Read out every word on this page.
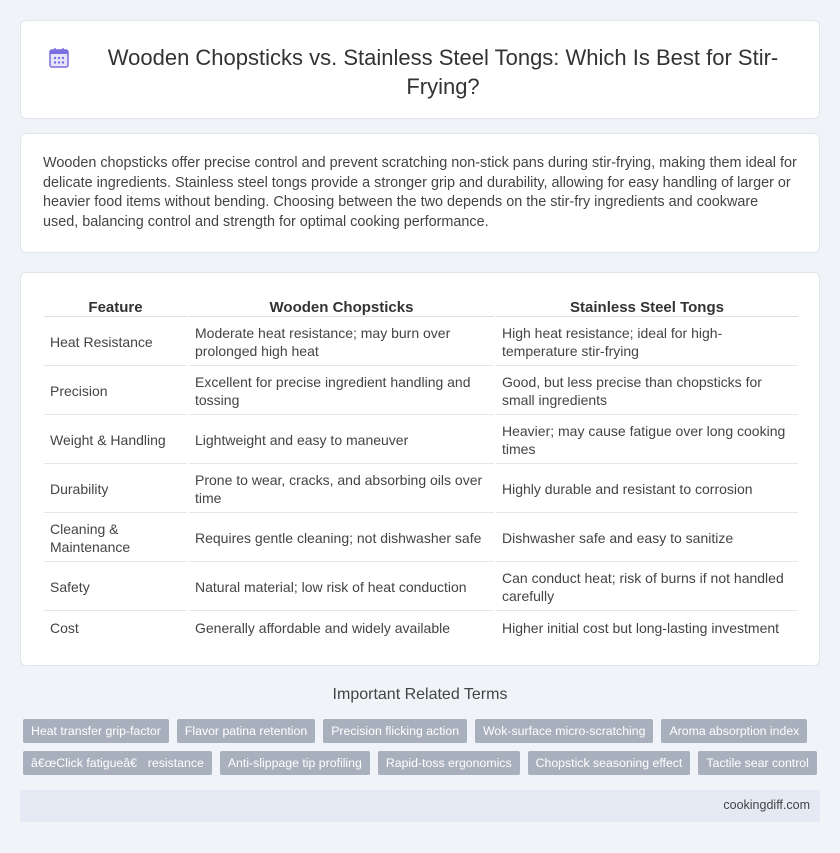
Wooden Chopsticks vs. Stainless Steel Tongs: Which Is Best for Stir-Frying?

Wooden chopsticks offer precise control and prevent scratching non-stick pans during stir-frying, making them ideal for delicate ingredients. Stainless steel tongs provide a stronger grip and durability, allowing for easy handling of larger or heavier food items without bending. Choosing between the two depends on the stir-fry ingredients and cookware used, balancing control and strength for optimal cooking performance.

Feature	Wooden Chopsticks	Stainless Steel Tongs
Heat Resistance	Moderate heat resistance; may burn over prolonged high heat	High heat resistance; ideal for high-temperature stir-frying
Precision	Excellent for precise ingredient handling and tossing	Good, but less precise than chopsticks for small ingredients
Weight & Handling	Lightweight and easy to maneuver	Heavier; may cause fatigue over long cooking times
Durability	Prone to wear, cracks, and absorbing oils over time	Highly durable and resistant to corrosion
Cleaning & Maintenance	Requires gentle cleaning; not dishwasher safe	Dishwasher safe and easy to sanitize
Safety	Natural material; low risk of heat conduction	Can conduct heat; risk of burns if not handled carefully
Cost	Generally affordable and widely available	Higher initial cost but long-lasting investment
Important Related Terms
Heat transfer grip-factor	Flavor patina retention	Precision flicking action	Wok-surface micro-scratching	Aroma absorption index
â€œClick fatigueâ€ resistance	Anti-slippage tip profiling	Rapid-toss ergonomics	Chopstick seasoning effect	Tactile sear control
cookingdiff.com
